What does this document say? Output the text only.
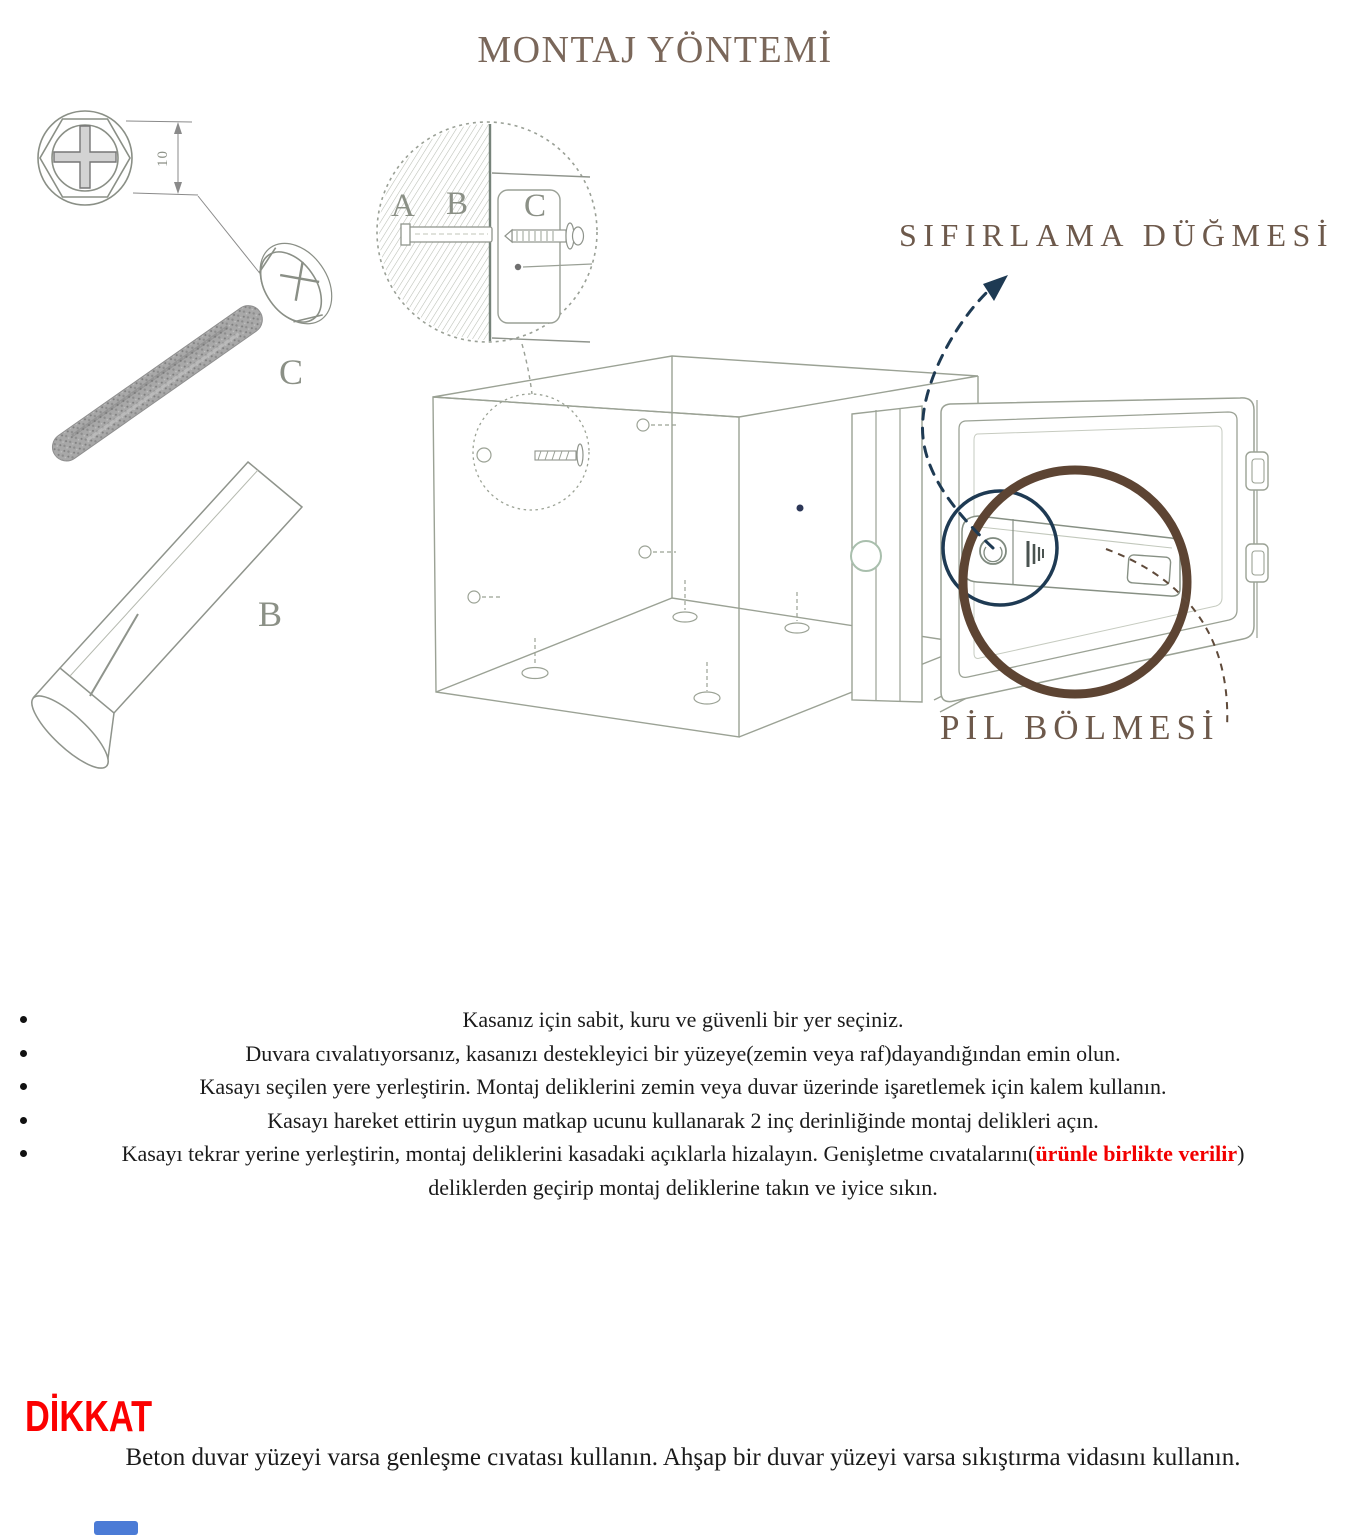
MONTAJ YÖNTEMİ
10
C
B
A B C
SIFIRLAMA DÜĞMESİ
PİL BÖLMESİ
Kasanız için sabit, kuru ve güvenli bir yer seçiniz.
Duvara cıvalatıyorsanız, kasanızı destekleyici bir yüzeye(zemin veya raf)dayandığından emin olun.
Kasayı seçilen yere yerleştirin. Montaj deliklerini zemin veya duvar üzerinde işaretlemek için kalem kullanın.
Kasayı hareket ettirin uygun matkap ucunu kullanarak 2 inç derinliğinde montaj delikleri açın.
Kasayı tekrar yerine yerleştirin, montaj deliklerini kasadaki açıklarla hizalayın. Genişletme cıvatalarını(ürünle birlikte verilir) deliklerden geçirip montaj deliklerine takın ve iyice sıkın.
DİKKAT
Beton duvar yüzeyi varsa genleşme cıvatası kullanın. Ahşap bir duvar yüzeyi varsa sıkıştırma vidasını kullanın.
